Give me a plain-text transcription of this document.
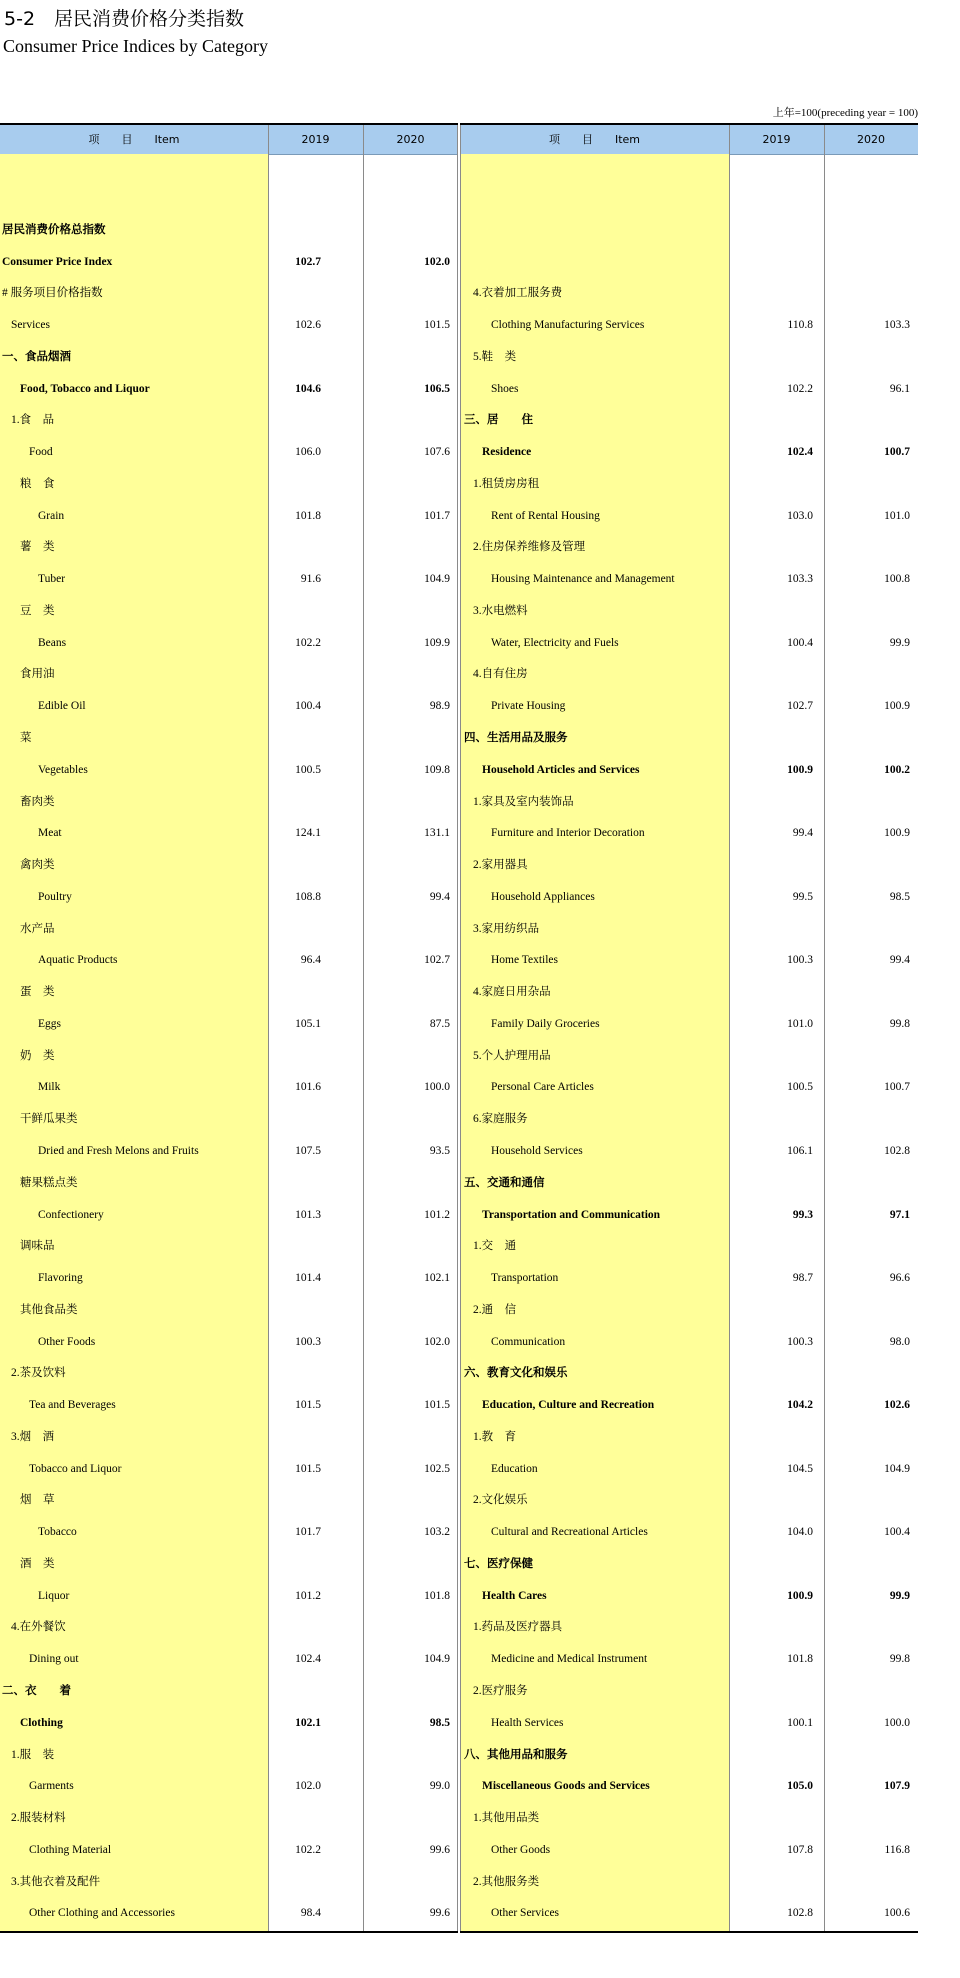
5-2　居民消费价格分类指数
Consumer Price Indices by Category
上年=100(preceding year = 100)
项　　目　　Item	2019	2020
居民消费价格总指数
Consumer Price Index	102.7	102.0
# 服务项目价格指数
Services	102.6	101.5
一、食品烟酒
Food, Tobacco and Liquor	104.6	106.5
1.食　品
Food	106.0	107.6
粮　食
Grain	101.8	101.7
薯　类
Tuber	91.6	104.9
豆　类
Beans	102.2	109.9
食用油
Edible Oil	100.4	98.9
菜
Vegetables	100.5	109.8
畜肉类
Meat	124.1	131.1
禽肉类
Poultry	108.8	99.4
水产品
Aquatic Products	96.4	102.7
蛋　类
Eggs	105.1	87.5
奶　类
Milk	101.6	100.0
干鲜瓜果类
Dried and Fresh Melons and Fruits	107.5	93.5
糖果糕点类
Confectionery	101.3	101.2
调味品
Flavoring	101.4	102.1
其他食品类
Other Foods	100.3	102.0
2.茶及饮料
Tea and Beverages	101.5	101.5
3.烟　酒
Tobacco and Liquor	101.5	102.5
烟　草
Tobacco	101.7	103.2
酒　类
Liquor	101.2	101.8
4.在外餐饮
Dining out	102.4	104.9
二、衣　　着
Clothing	102.1	98.5
1.服　装
Garments	102.0	99.0
2.服装材料
Clothing Material	102.2	99.6
3.其他衣着及配件
Other Clothing and Accessories	98.4	99.6
项　　目　　Item	2019	2020
4.衣着加工服务费
Clothing Manufacturing Services	110.8	103.3
5.鞋　类
Shoes	102.2	96.1
三、居　　住
Residence	102.4	100.7
1.租赁房房租
Rent of Rental Housing	103.0	101.0
2.住房保养维修及管理
Housing Maintenance and Management	103.3	100.8
3.水电燃料
Water, Electricity and Fuels	100.4	99.9
4.自有住房
Private Housing	102.7	100.9
四、生活用品及服务
Household Articles and Services	100.9	100.2
1.家具及室内装饰品
Furniture and Interior Decoration	99.4	100.9
2.家用器具
Household Appliances	99.5	98.5
3.家用纺织品
Home Textiles	100.3	99.4
4.家庭日用杂品
Family Daily Groceries	101.0	99.8
5.个人护理用品
Personal Care Articles	100.5	100.7
6.家庭服务
Household Services	106.1	102.8
五、交通和通信
Transportation and Communication	99.3	97.1
1.交　通
Transportation	98.7	96.6
2.通　信
Communication	100.3	98.0
六、教育文化和娱乐
Education, Culture and Recreation	104.2	102.6
1.教　育
Education	104.5	104.9
2.文化娱乐
Cultural and Recreational Articles	104.0	100.4
七、医疗保健
Health Cares	100.9	99.9
1.药品及医疗器具
Medicine and Medical Instrument	101.8	99.8
2.医疗服务
Health Services	100.1	100.0
八、其他用品和服务
Miscellaneous Goods and Services	105.0	107.9
1.其他用品类
Other Goods	107.8	116.8
2.其他服务类
Other Services	102.8	100.6
